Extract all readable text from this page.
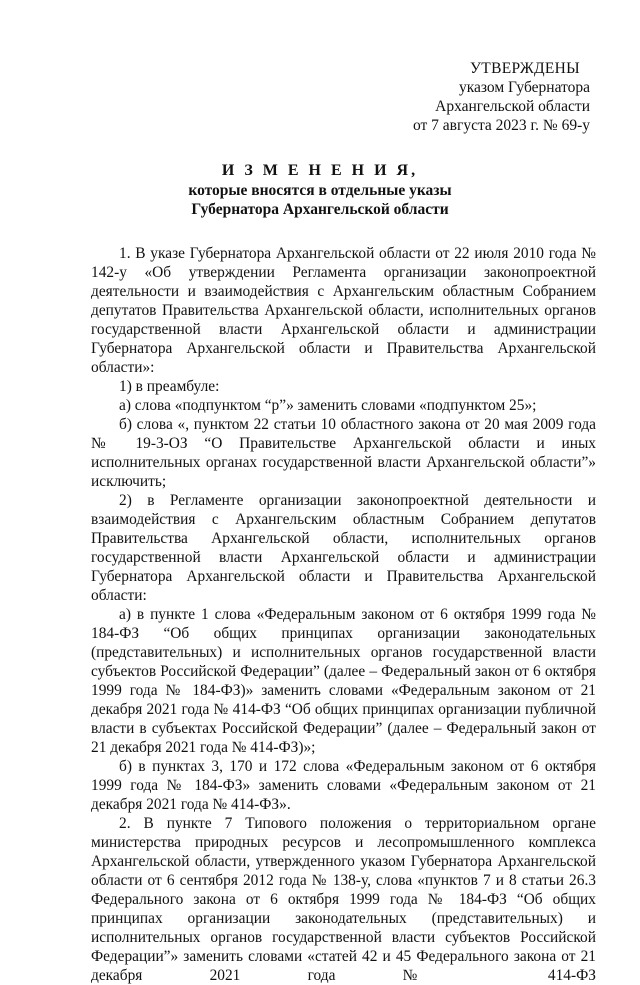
УТВЕРЖДЕНЫ
указом Губернатора
Архангельской области
от 7 августа 2023 г. № 69-у
И З М Е Н Е Н И Я,
которые вносятся в отдельные указы
Губернатора Архангельской области

1. В указе Губернатора Архангельской области от 22 июля 2010 года № 142-у «Об утверждении Регламента организации законопроектной деятельности и взаимодействия с Архангельским областным Собранием депутатов Правительства Архангельской области, исполнительных органов государственной власти Архангельской области и администрации Губернатора Архангельской области и Правительства Архангельской области»:

1) в преамбуле:

а) слова «подпунктом “р”» заменить словами «подпунктом 25»;

б) слова «, пунктом 22 статьи 10 областного закона от 20 мая 2009 года № 19-3-ОЗ “О Правительстве Архангельской области и иных исполнительных органах государственной власти Архангельской области”» исключить;

2) в Регламенте организации законопроектной деятельности и взаимодействия с Архангельским областным Собранием депутатов Правительства Архангельской области, исполнительных органов государственной власти Архангельской области и администрации Губернатора Архангельской области и Правительства Архангельской области:

а) в пункте 1 слова «Федеральным законом от 6 октября 1999 года № 184-ФЗ “Об общих принципах организации законодательных (представительных) и исполнительных органов государственной власти субъектов Российской Федерации” (далее – Федеральный закон от 6 октября 1999 года № 184-ФЗ)» заменить словами «Федеральным законом от 21 декабря 2021 года № 414-ФЗ “Об общих принципах организации публичной власти в субъектах Российской Федерации” (далее – Федеральный закон от 21 декабря 2021 года № 414-ФЗ)»;

б) в пунктах 3, 170 и 172 слова «Федеральным законом от 6 октября 1999 года № 184-ФЗ» заменить словами «Федеральным законом от 21 декабря 2021 года № 414-ФЗ».

2. В пункте 7 Типового положения о территориальном органе министерства природных ресурсов и лесопромышленного комплекса Архангельской области, утвержденного указом Губернатора Архангельской области от 6 сентября 2012 года № 138-у, слова «пунктов 7 и 8 статьи 26.3 Федерального закона от 6 октября 1999 года № 184-ФЗ “Об общих принципах организации законодательных (представительных) и исполнительных органов государственной власти субъектов Российской Федерации”» заменить словами «статей 42 и 45 Федерального закона от 21 декабря 2021 года № 414-ФЗ
